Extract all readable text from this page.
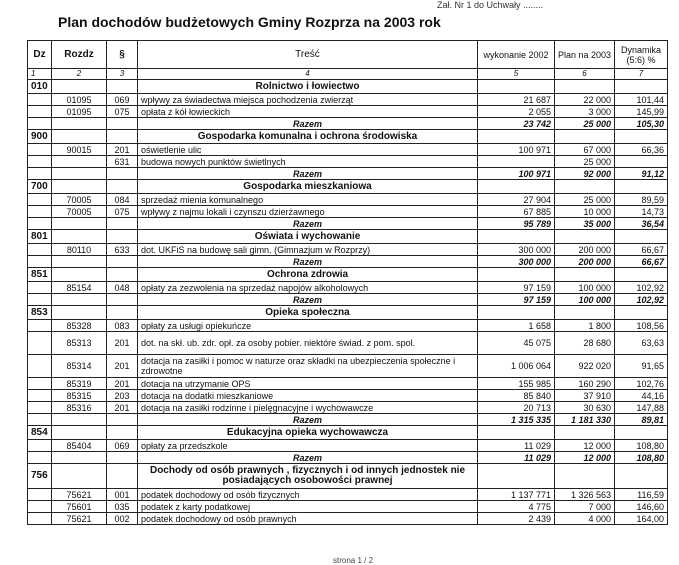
Zał. Nr 1 do Uchwały ........
Plan dochodów budżetowych Gminy Rozprza na 2003 rok
Dz	Rozdz	§	Treść	wykonanie 2002	Plan na 2003	Dynamika (5:6) %
1	2	3	4	5	6	7
010			Rolnictwo i łowiectwo			
	01095	069	wpływy za świadectwa miejsca pochodzenia zwierząt	21 687	22 000	101,44
	01095	075	opłata z kół łowieckich	2 055	3 000	145,99
			Razem	23 742	25 000	105,30
900			Gospodarka komunalna i ochrona środowiska			
	90015	201	oświetlenie ulic	100 971	67 000	66,36
		631	budowa nowych punktów świetlnych		25 000	
			Razem	100 971	92 000	91,12
700			Gospodarka mieszkaniowa			
	70005	084	sprzedaż mienia komunalnego	27 904	25 000	89,59
	70005	075	wpływy z najmu lokali i czynszu dzierżawnego	67 885	10 000	14,73
			Razem	95 789	35 000	36,54
801			Oświata i wychowanie			
	80110	633	dot. UKFiS na budowę sali gimn. (Gimnazjum w Rozprzy)	300 000	200 000	66,67
			Razem	300 000	200 000	66,67
851			Ochrona zdrowia			
	85154	048	opłaty za zezwolenia na sprzedaż napojów alkoholowych	97 159	100 000	102,92
			Razem	97 159	100 000	102,92
853			Opieka społeczna			
	85328	083	opłaty za usługi opiekuńcze	1 658	1 800	108,56
	85313	201	dot. na skł. ub. zdr. opł. za osoby pobier. niektóre świad. z pom. spol.	45 075	28 680	63,63
	85314	201	dotacja na zasiłki i pomoc w naturze oraz składki na ubezpieczenia społeczne i zdrowotne	1 006 064	922 020	91,65
	85319	201	dotacja na utrzymanie OPS	155 985	160 290	102,76
	85315	203	dotacja na dodatki mieszkaniowe	85 840	37 910	44,16
	85316	201	dotacja na zasiłki rodzinne i pielęgnacyjne i wychowawcze	20 713	30 630	147,88
			Razem	1 315 335	1 181 330	89,81
854			Edukacyjna opieka wychowawcza			
	85404	069	opłaty za przedszkole	11 029	12 000	108,80
			Razem	11 029	12 000	108,80
756			Dochody od osób prawnych , fizycznych i od innych jednostek nie posiadających osobowości prawnej			
	75621	001	podatek dochodowy od osób fizycznych	1 137 771	1 326 563	116,59
	75601	035	podatek z karty podatkowej	4 775	7 000	146,60
	75621	002	podatek dochodowy od osób prawnych	2 439	4 000	164,00
strona 1 / 2
